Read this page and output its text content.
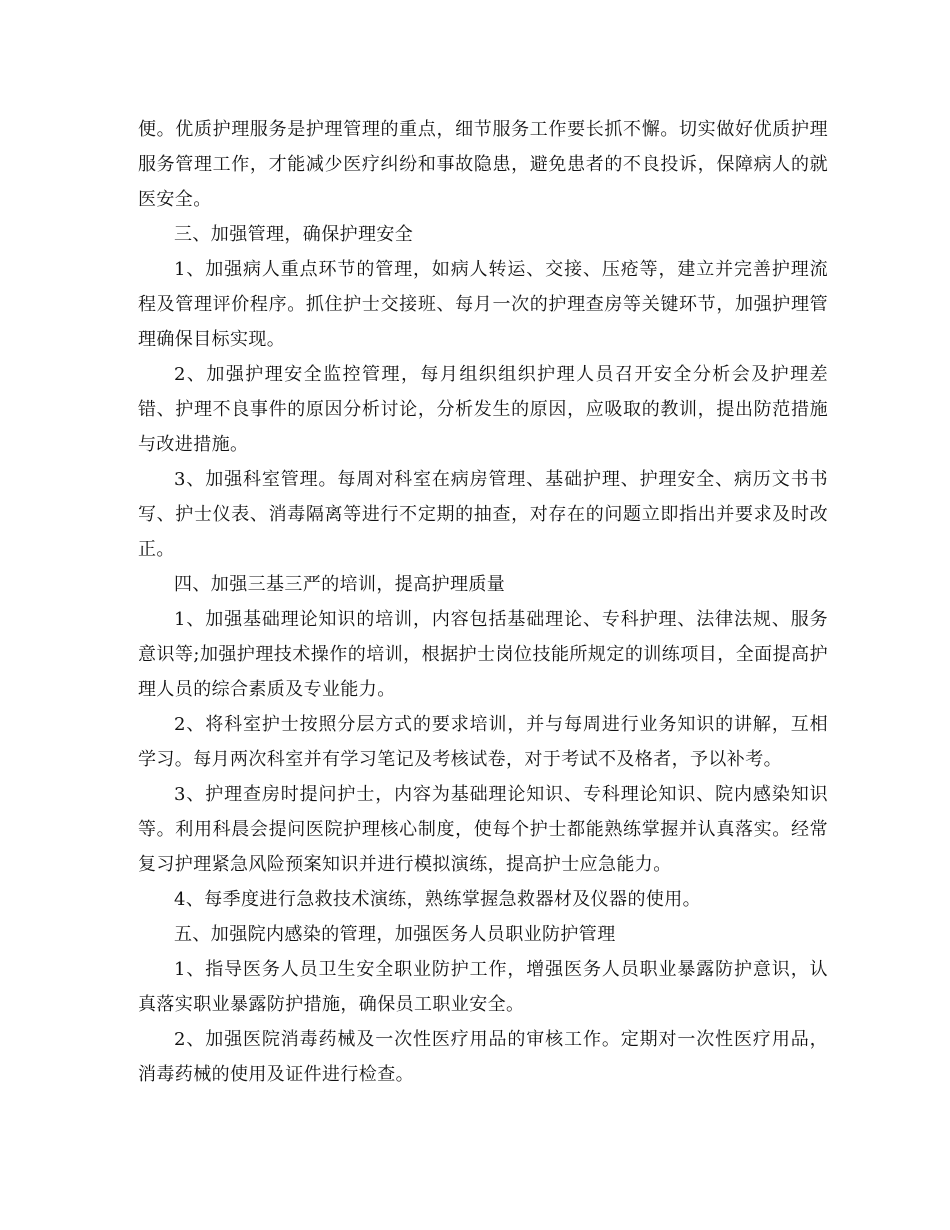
便。优质护理服务是护理管理的重点，细节服务工作要长抓不懈。切实做好优质护理服务管理工作，才能减少医疗纠纷和事故隐患，避免患者的不良投诉，保障病人的就医安全。

三、加强管理，确保护理安全

1、加强病人重点环节的管理，如病人转运、交接、压疮等，建立并完善护理流程及管理评价程序。抓住护士交接班、每月一次的护理查房等关键环节，加强护理管理确保目标实现。

2、加强护理安全监控管理，每月组织组织护理人员召开安全分析会及护理差错、护理不良事件的原因分析讨论，分析发生的原因，应吸取的教训，提出防范措施与改进措施。

3、加强科室管理。每周对科室在病房管理、基础护理、护理安全、病历文书书写、护士仪表、消毒隔离等进行不定期的抽查，对存在的问题立即指出并要求及时改正。

四、加强三基三严的培训，提高护理质量

1、加强基础理论知识的培训，内容包括基础理论、专科护理、法律法规、服务意识等;加强护理技术操作的培训，根据护士岗位技能所规定的训练项目，全面提高护理人员的综合素质及专业能力。

2、将科室护士按照分层方式的要求培训，并与每周进行业务知识的讲解，互相学习。每月两次科室并有学习笔记及考核试卷，对于考试不及格者，予以补考。

3、护理查房时提问护士，内容为基础理论知识、专科理论知识、院内感染知识等。利用科晨会提问医院护理核心制度，使每个护士都能熟练掌握并认真落实。经常复习护理紧急风险预案知识并进行模拟演练，提高护士应急能力。

4、每季度进行急救技术演练，熟练掌握急救器材及仪器的使用。

五、加强院内感染的管理，加强医务人员职业防护管理

1、指导医务人员卫生安全职业防护工作，增强医务人员职业暴露防护意识，认真落实职业暴露防护措施，确保员工职业安全。

2、加强医院消毒药械及一次性医疗用品的审核工作。定期对一次性医疗用品，消毒药械的使用及证件进行检查。
